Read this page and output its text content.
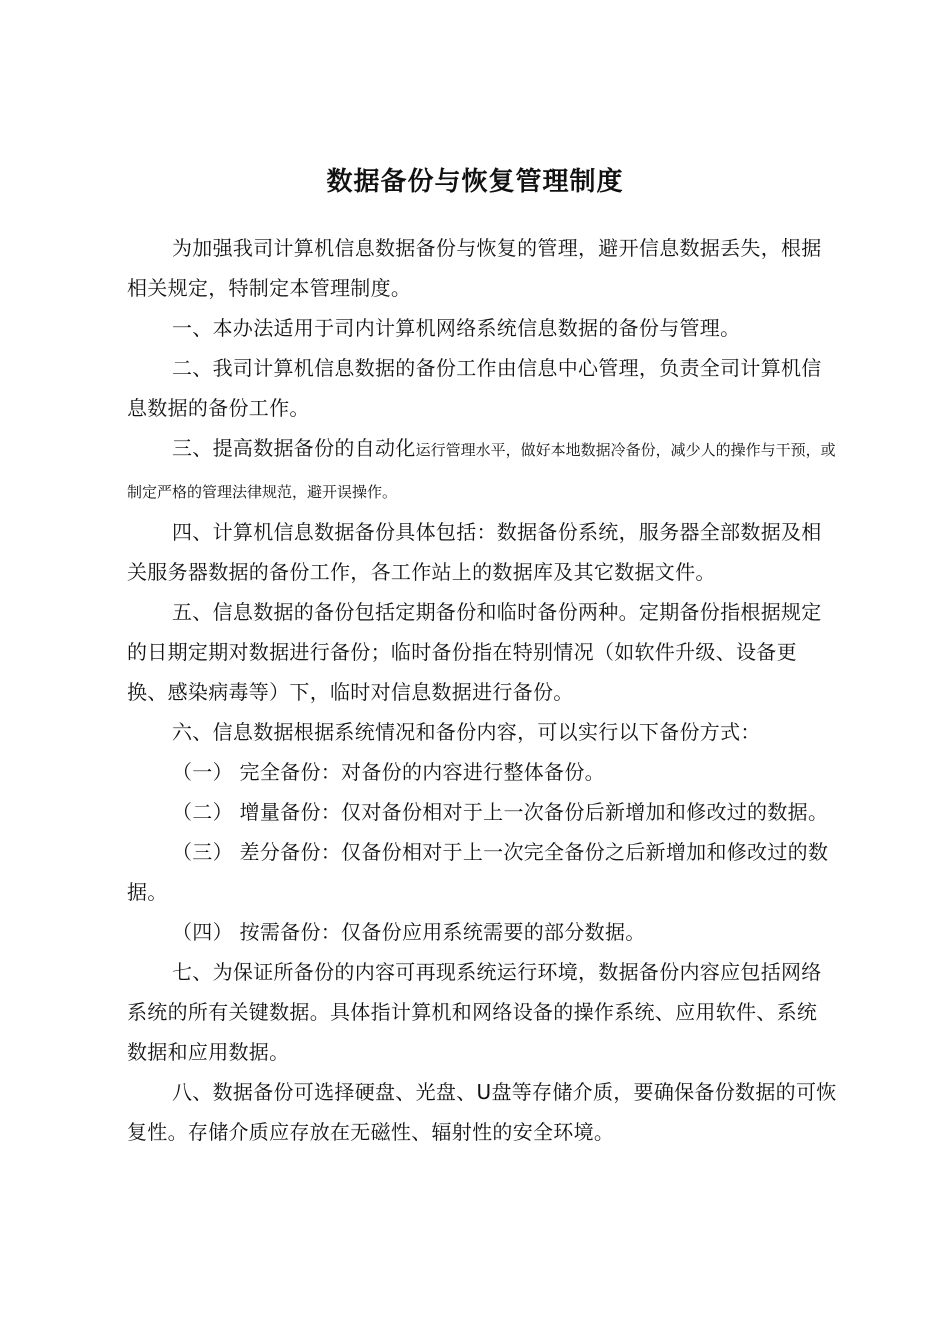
数据备份与恢复管理制度

为加强我司计算机信息数据备份与恢复的管理，避开信息数据丢失，根据相关规定，特制定本管理制度。

一、本办法适用于司内计算机网络系统信息数据的备份与管理。

二、我司计算机信息数据的备份工作由信息中心管理，负责全司计算机信息数据的备份工作。

三、提高数据备份的自动化运行管理水平，做好本地数据冷备份，减少人的操作与干预，或制定严格的管理法律规范，避开误操作。

四、计算机信息数据备份具体包括：数据备份系统，服务器全部数据及相关服务器数据的备份工作，各工作站上的数据库及其它数据文件。

五、信息数据的备份包括定期备份和临时备份两种。定期备份指根据规定的日期定期对数据进行备份；临时备份指在特别情况（如软件升级、设备更换、感染病毒等）下，临时对信息数据进行备份。

六、信息数据根据系统情况和备份内容，可以实行以下备份方式：

（一） 完全备份：对备份的内容进行整体备份。

（二） 增量备份：仅对备份相对于上一次备份后新增加和修改过的数据。

（三） 差分备份：仅备份相对于上一次完全备份之后新增加和修改过的数据。

（四） 按需备份：仅备份应用系统需要的部分数据。

七、为保证所备份的内容可再现系统运行环境，数据备份内容应包括网络系统的所有关键数据。具体指计算机和网络设备的操作系统、应用软件、系统数据和应用数据。

八、数据备份可选择硬盘、光盘、U盘等存储介质，要确保备份数据的可恢复性。存储介质应存放在无磁性、辐射性的安全环境。
